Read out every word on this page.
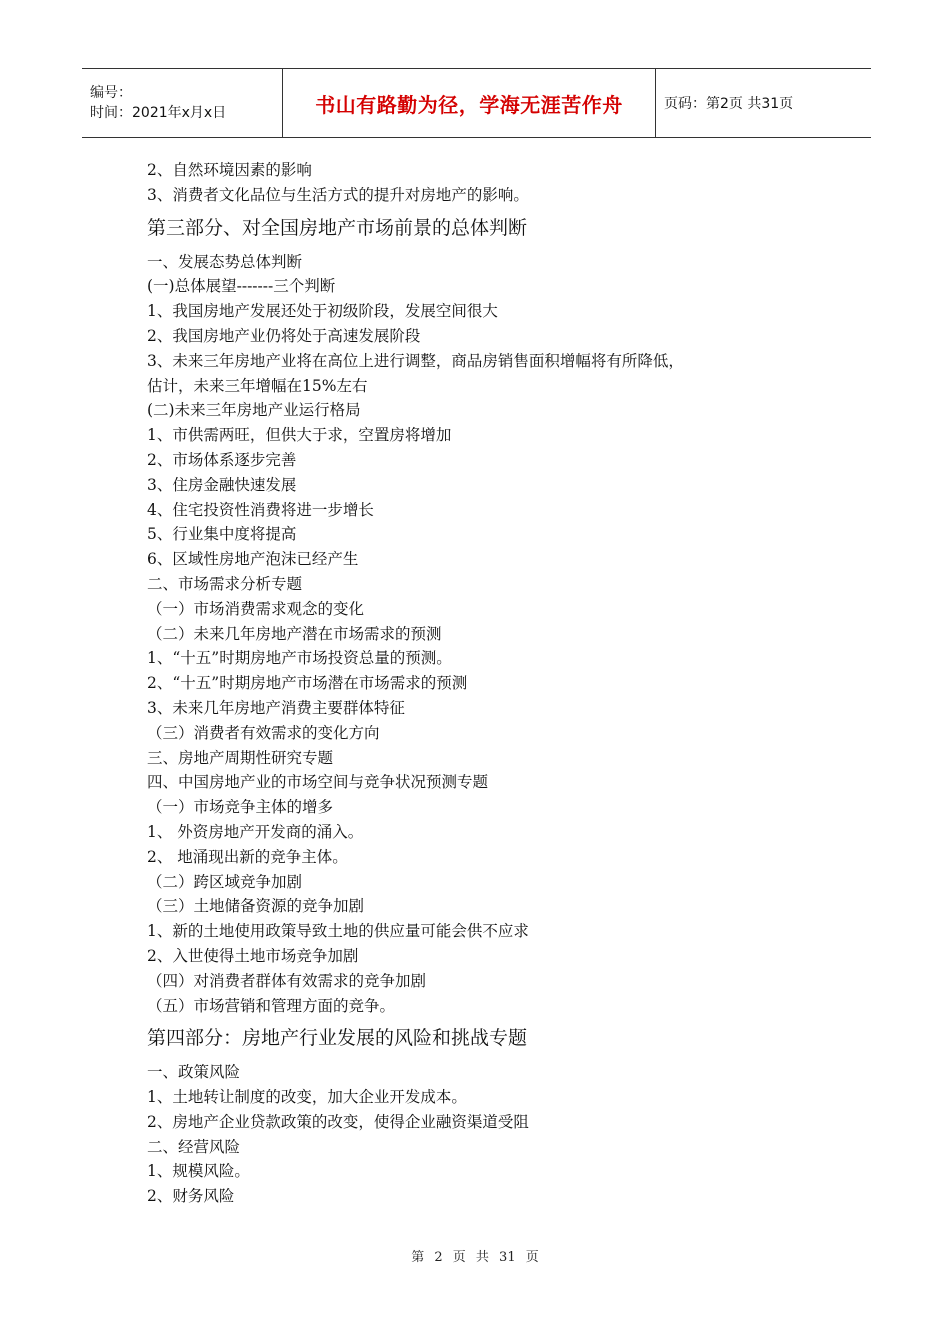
编号：
时间：2021年x月x日	书山有路勤为径，学海无涯苦作舟	页码：第2页 共31页
2、自然环境因素的影响
3、消费者文化品位与生活方式的提升对房地产的影响。
第三部分、对全国房地产市场前景的总体判断
一、发展态势总体判断
(一)总体展望-------三个判断
1、我国房地产发展还处于初级阶段，发展空间很大
2、我国房地产业仍将处于高速发展阶段
3、未来三年房地产业将在高位上进行调整，商品房销售面积增幅将有所降低，
估计，未来三年增幅在15%左右
(二)未来三年房地产业运行格局
1、市供需两旺，但供大于求，空置房将增加
2、市场体系逐步完善
3、住房金融快速发展
4、住宅投资性消费将进一步增长
5、行业集中度将提高
6、区域性房地产泡沫已经产生
二、市场需求分析专题
（一）市场消费需求观念的变化
（二）未来几年房地产潜在市场需求的预测
1、“十五”时期房地产市场投资总量的预测。
2、“十五”时期房地产市场潜在市场需求的预测
3、未来几年房地产消费主要群体特征
（三）消费者有效需求的变化方向
三、房地产周期性研究专题
四、中国房地产业的市场空间与竞争状况预测专题
（一）市场竞争主体的增多
1、 外资房地产开发商的涌入。
2、 地涌现出新的竞争主体。
（二）跨区域竞争加剧
（三）土地储备资源的竞争加剧
1、新的土地使用政策导致土地的供应量可能会供不应求
2、入世使得土地市场竞争加剧
（四）对消费者群体有效需求的竞争加剧
（五）市场营销和管理方面的竞争。
第四部分：房地产行业发展的风险和挑战专题
一、政策风险
1、土地转让制度的改变，加大企业开发成本。
2、房地产企业贷款政策的改变，使得企业融资渠道受阻
二、经营风险
1、规模风险。
2、财务风险
第 2 页 共 31 页
